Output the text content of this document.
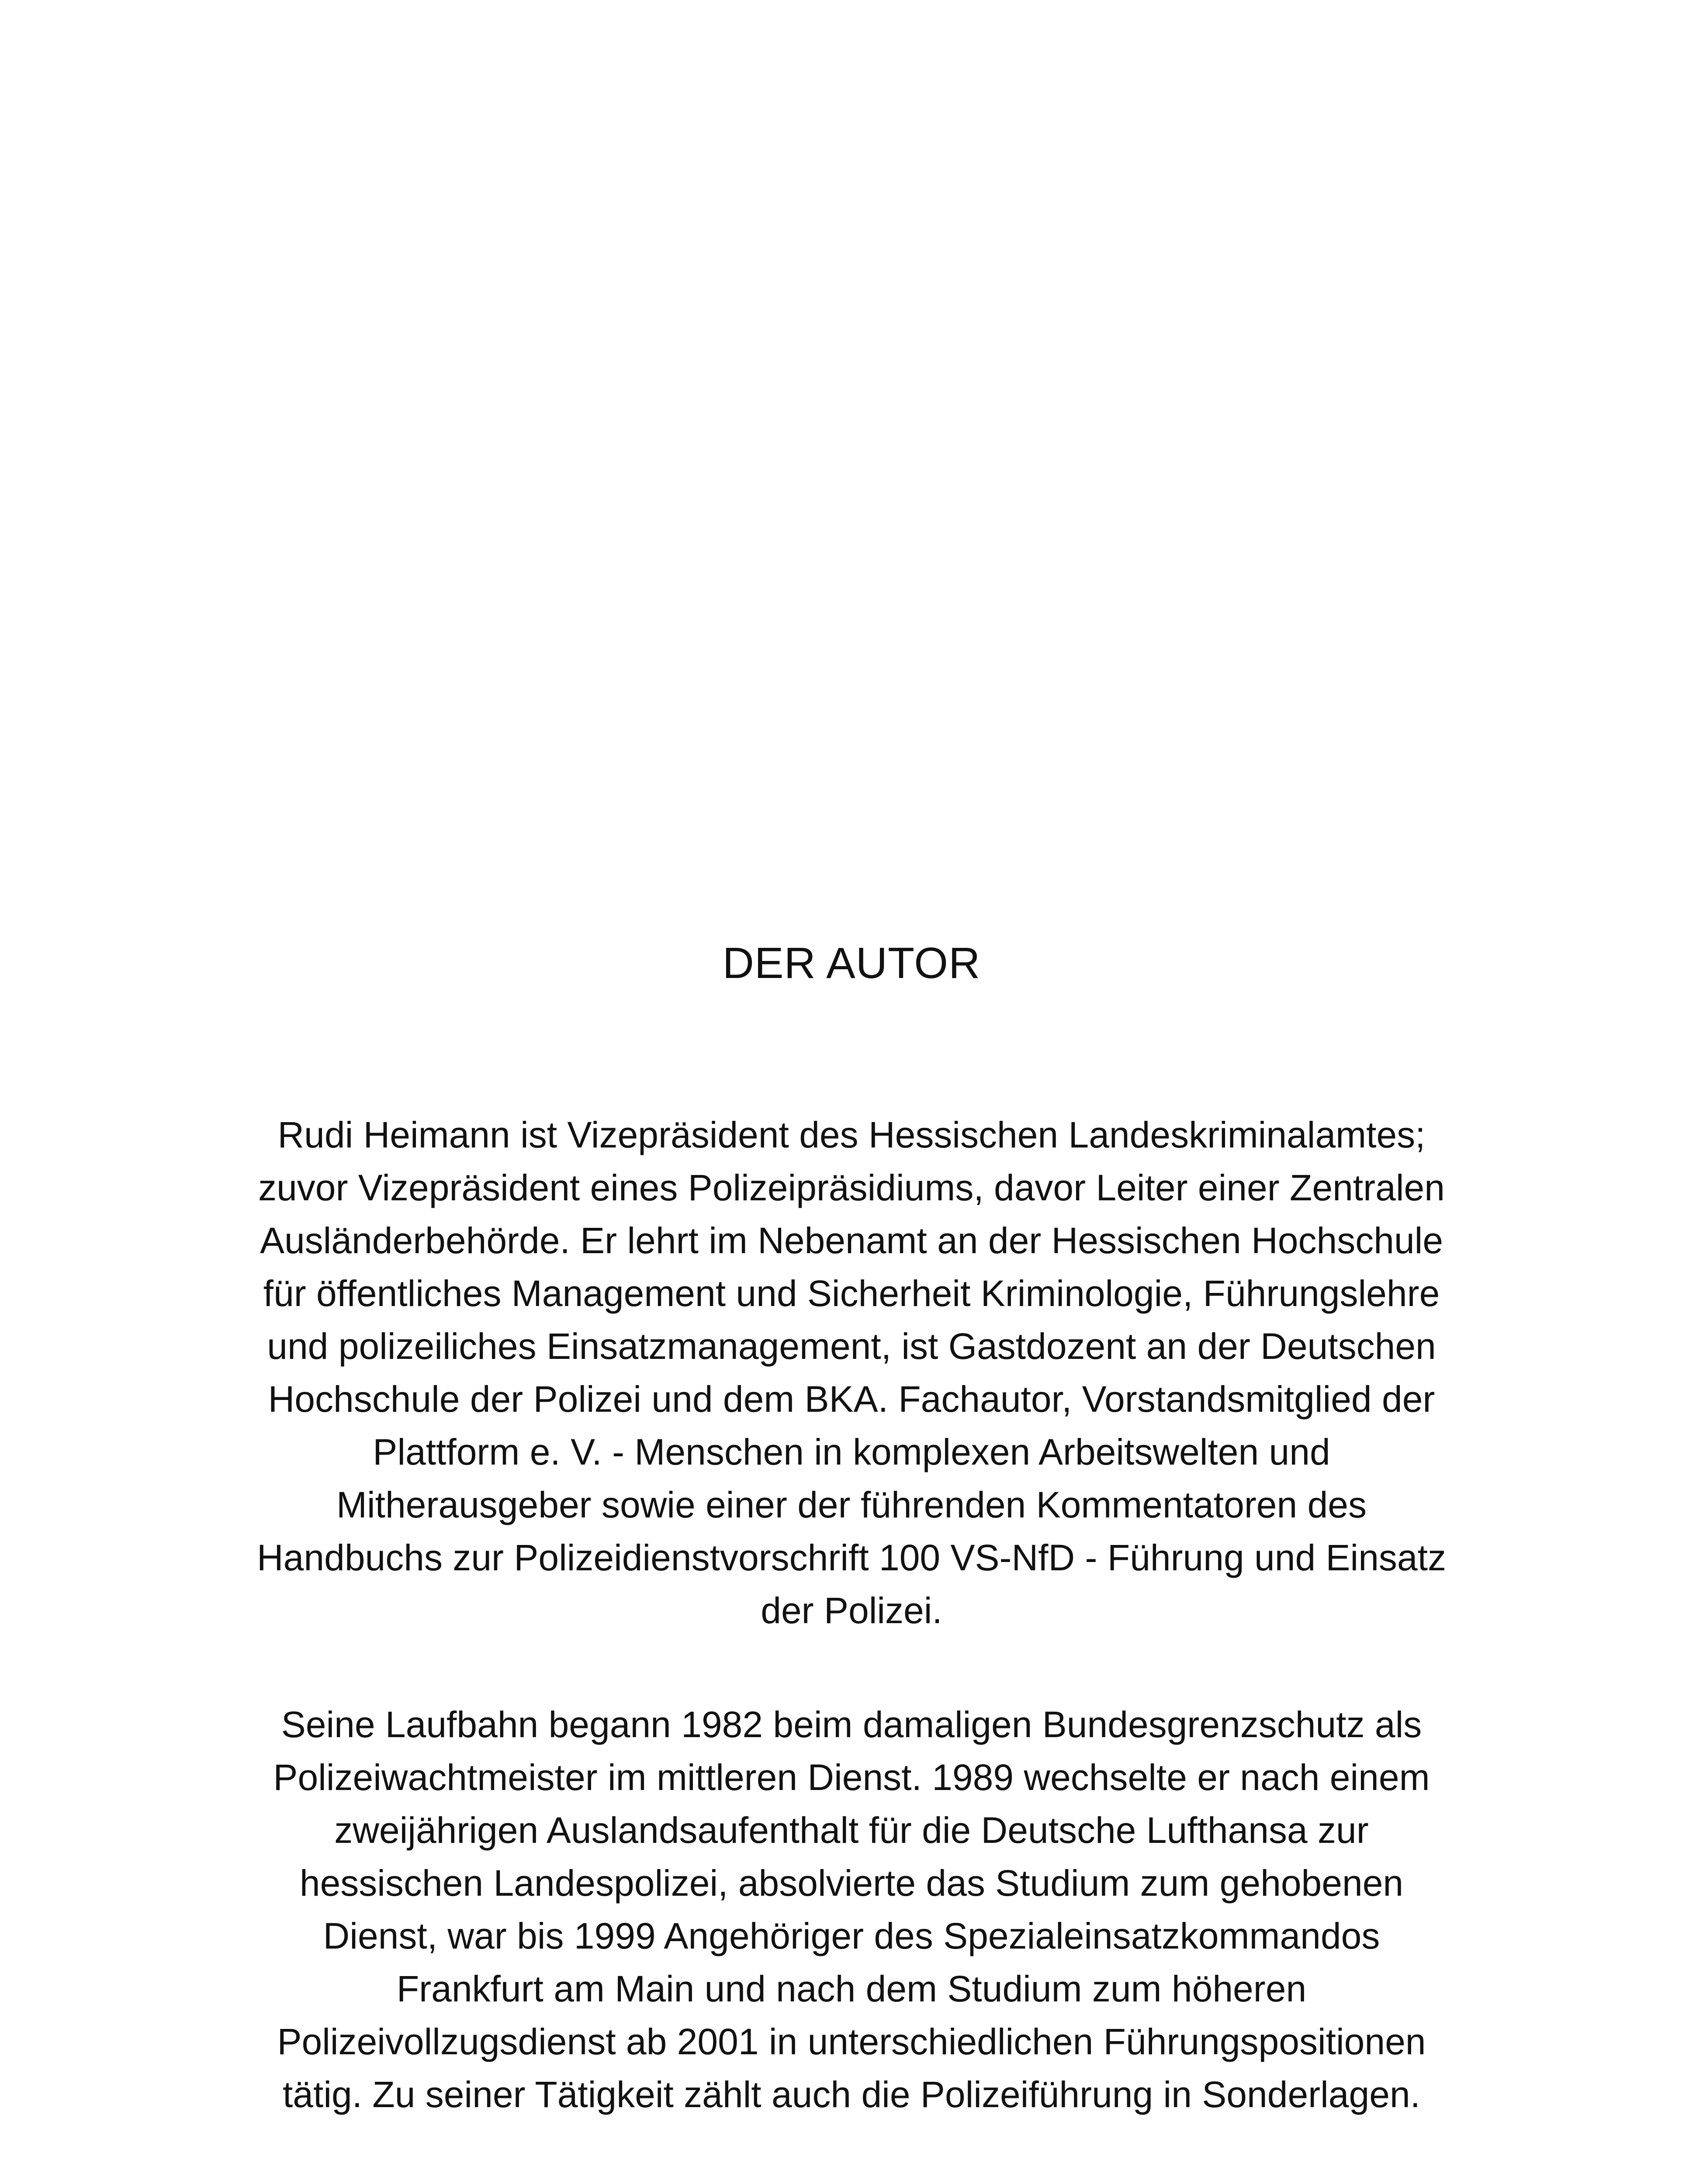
DER AUTOR
Rudi Heimann ist Vizepräsident des Hessischen Landeskriminalamtes;
zuvor Vizepräsident eines Polizeipräsidiums, davor Leiter einer Zentralen
Ausländerbehörde. Er lehrt im Nebenamt an der Hessischen Hochschule
für öffentliches Management und Sicherheit Kriminologie, Führungslehre
und polizeiliches Einsatzmanagement, ist Gastdozent an der Deutschen
Hochschule der Polizei und dem BKA. Fachautor, Vorstandsmitglied der
Plattform e. V. - Menschen in komplexen Arbeitswelten und
Mitherausgeber sowie einer der führenden Kommentatoren des
Handbuchs zur Polizeidienstvorschrift 100 VS-NfD - Führung und Einsatz
der Polizei.
Seine Laufbahn begann 1982 beim damaligen Bundesgrenzschutz als
Polizeiwachtmeister im mittleren Dienst. 1989 wechselte er nach einem
zweijährigen Auslandsaufenthalt für die Deutsche Lufthansa zur
hessischen Landespolizei, absolvierte das Studium zum gehobenen
Dienst, war bis 1999 Angehöriger des Spezialeinsatzkommandos
Frankfurt am Main und nach dem Studium zum höheren
Polizeivollzugsdienst ab 2001 in unterschiedlichen Führungspositionen
tätig. Zu seiner Tätigkeit zählt auch die Polizeiführung in Sonderlagen.
